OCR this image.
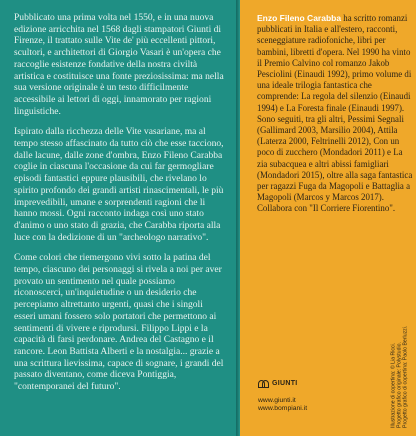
Pubblicato una prima volta nel 1550, e in una nuova edizione arricchita nel 1568 dagli stampatori Giunti di Firenze, il trattato sulle Vite de' più eccellenti pittori, scultori, e architettori di Giorgio Vasari è un'opera che raccoglie esistenze fondative della nostra civiltà artistica e costituisce una fonte preziosissima: ma nella sua versione originale è un testo difficilmente accessibile ai lettori di oggi, innamorato per ragioni linguistiche.

Ispirato dalla ricchezza delle Vite vasariane, ma al tempo stesso affascinato da tutto ciò che esse tacciono, dalle lacune, dalle zone d'ombra, Enzo Fileno Carabba coglie in ciascuna l'occasione da cui far germogliare episodi fantastici eppure plausibili, che rivelano lo spirito profondo dei grandi artisti rinascimentali, le più imprevedibili, umane e sorprendenti ragioni che li hanno mossi. Ogni racconto indaga così uno stato d'animo o uno stato di grazia, che Carabba riporta alla luce con la dedizione di un "archeologo narrativo".

Come colori che riemergono vivi sotto la patina del tempo, ciascuno dei personaggi si rivela a noi per aver provato un sentimento nel quale possiamo riconoscerci, un'inquietudine o un desiderio che percepiamo altrettanto urgenti, quasi che i singoli esseri umani fossero solo portatori che permettono ai sentimenti di vivere e riprodursi. Filippo Lippi e la capacità di farsi perdonare. Andrea del Castagno e il rancore. Leon Battista Alberti e la nostalgia... grazie a una scrittura lievissima, capace di sognare, i grandi del passato diventano, come diceva Pontiggia, "contemporanei del futuro".

Enzo Fileno Carabba ha scritto romanzi pubblicati in Italia e all'estero, racconti, sceneggiature radiofoniche, libri per bambini, libretti d'opera. Nel 1990 ha vinto il Premio Calvino col romanzo Jakob Pesciolini (Einaudi 1992), primo volume di una ideale trilogia fantastica che comprende: La regola del silenzio (Einaudi 1994) e La Foresta finale (Einaudi 1997). Sono seguiti, tra gli altri, Pessimi Segnali (Gallimard 2003, Marsilio 2004), Attila (Laterza 2000, Feltrinelli 2012), Con un poco di zucchero (Mondadori 2011) e La zia subacquea e altri abissi famigliari (Mondadori 2015), oltre alla saga fantastica per ragazzi Fuga da Magopoli e Battaglia a Magopoli (Marcos y Marcos 2017). Collabora con "Il Corriere Fiorentino".
GIUNTI
www.giunti.it
www.bompiani.it	Illustrazione di copertina: © Lia Ricci. Progetto grafico originale: Polystudio. Progetto grafico di copertina: Paolo Berluzzi.
